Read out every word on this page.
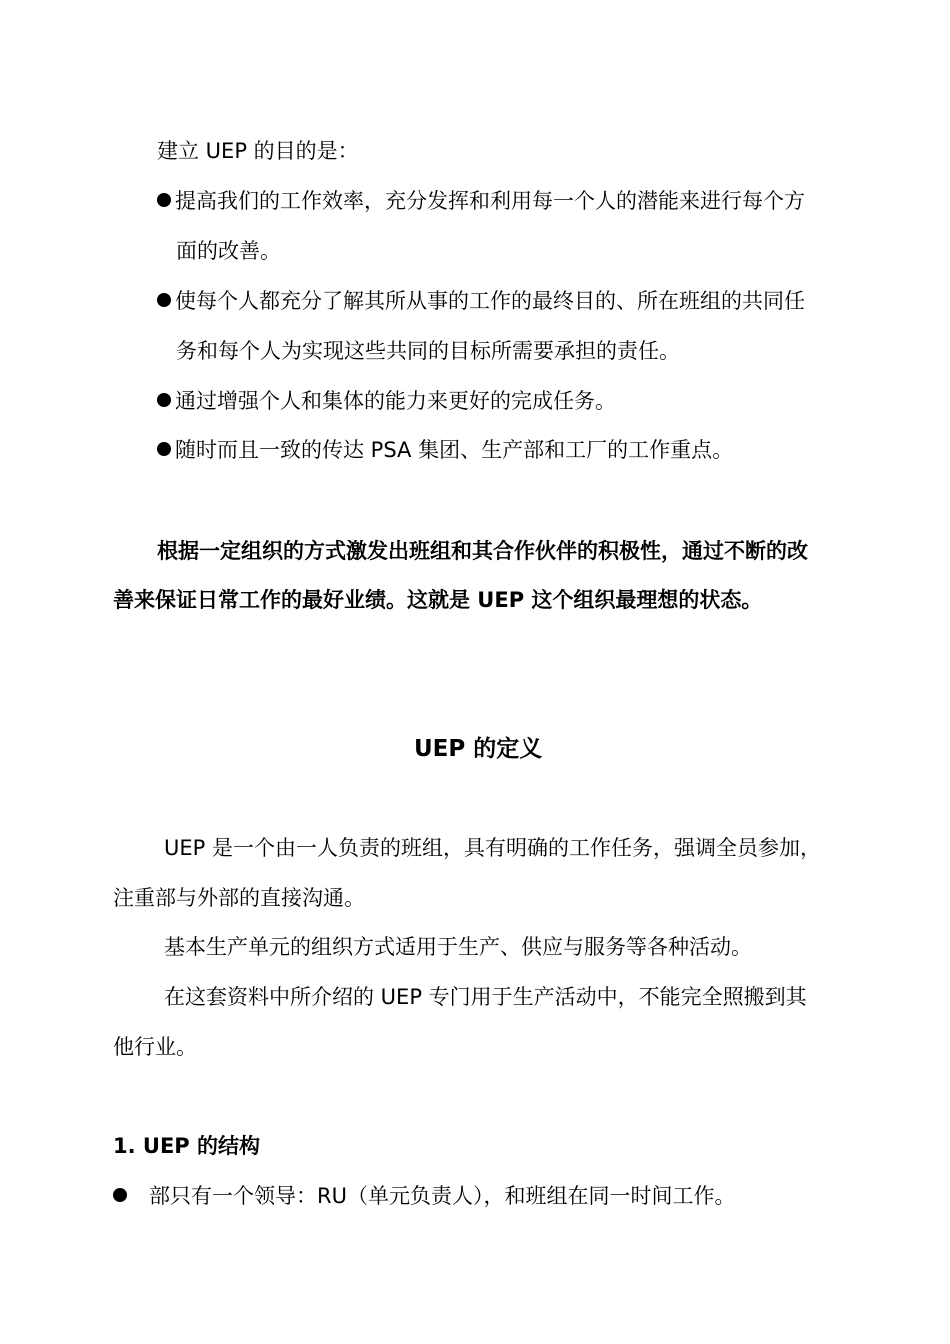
建立 UEP 的目的是：
提高我们的工作效率，充分发挥和利用每一个人的潜能来进行每个方
面的改善。
使每个人都充分了解其所从事的工作的最终目的、所在班组的共同任
务和每个人为实现这些共同的目标所需要承担的责任。
通过增强个人和集体的能力来更好的完成任务。
随时而且一致的传达 PSA 集团、生产部和工厂的工作重点。
根据一定组织的方式激发出班组和其合作伙伴的积极性，通过不断的改
善来保证日常工作的最好业绩。这就是 UEP 这个组织最理想的状态。
UEP 的定义
UEP 是一个由一人负责的班组，具有明确的工作任务，强调全员参加，
注重部与外部的直接沟通。
基本生产单元的组织方式适用于生产、供应与服务等各种活动。
在这套资料中所介绍的 UEP 专门用于生产活动中，不能完全照搬到其
他行业。
1. UEP 的结构
部只有一个领导：RU（单元负责人），和班组在同一时间工作。
